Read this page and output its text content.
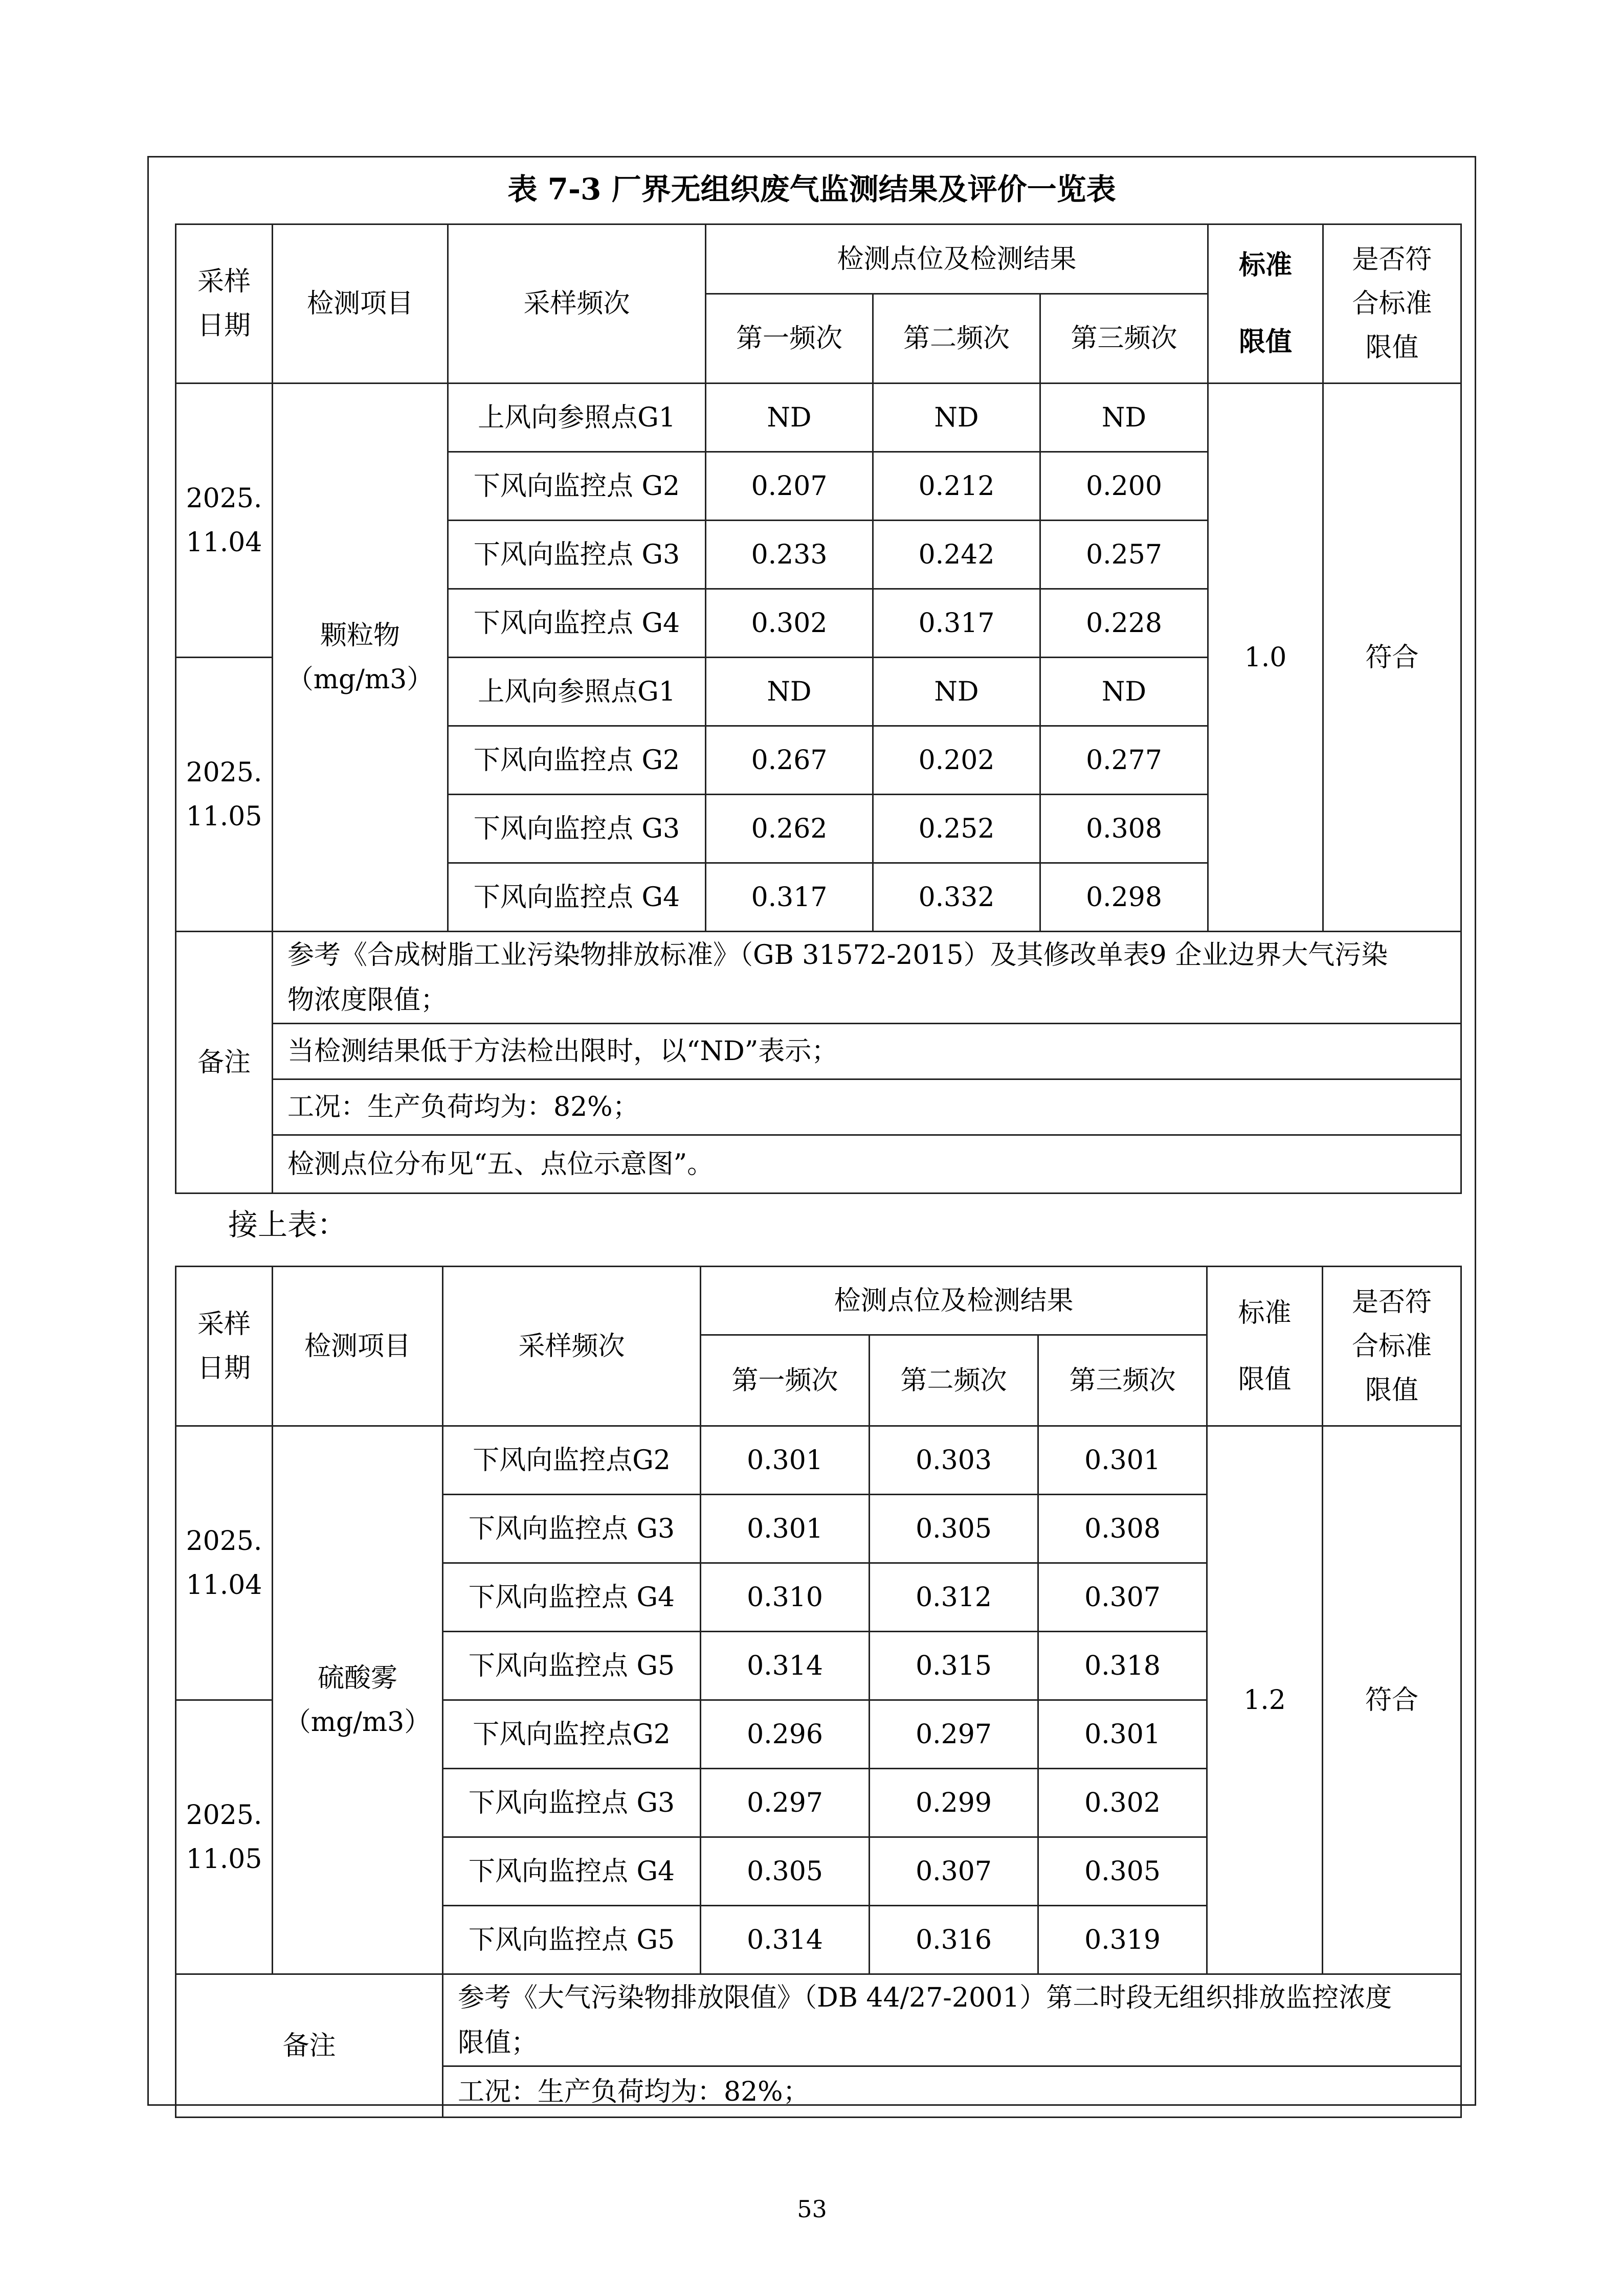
表 7-3 厂界无组织废气监测结果及评价一览表
采样
日期	检测项目	采样频次	检测点位及检测结果			标准
限值	是否符
合标准
限值

			第一频次	第二频次	第三频次		

2025.
11.04	颗粒物
（mg/m3）	上风向参照点G1	ND	ND	ND	1.0	符合
		下风向监控点 G2	0.207	0.212	0.200		
		下风向监控点 G3	0.233	0.242	0.257		
		下风向监控点 G4	0.302	0.317	0.228		

2025.
11.05		上风向参照点G1	ND	ND	ND		
		下风向监控点 G2	0.267	0.202	0.277		
		下风向监控点 G3	0.262	0.252	0.308		
		下风向监控点 G4	0.317	0.332	0.298		
备注	参考《合成树脂工业污染物排放标准》（GB 31572-2015）及其修改单表9 企业边界大气污染
物浓度限值；						

	当检测结果低于方法检出限时，以“ND”表示；						
	工况：生产负荷均为：82%；						
	检测点位分布见“五、点位示意图”。						
接上表：
采样
日期	检测项目	采样频次	检测点位及检测结果			标准
限值	是否符
合标准
限值

			第一频次	第二频次	第三频次		

2025.
11.04	硫酸雾
（mg/m3）	下风向监控点G2	0.301	0.303	0.301	1.2	符合
		下风向监控点 G3	0.301	0.305	0.308		
		下风向监控点 G4	0.310	0.312	0.307		
		下风向监控点 G5	0.314	0.315	0.318		

2025.
11.05		下风向监控点G2	0.296	0.297	0.301		
		下风向监控点 G3	0.297	0.299	0.302		
		下风向监控点 G4	0.305	0.307	0.305		
		下风向监控点 G5	0.314	0.316	0.319		
备注		参考《大气污染物排放限值》（DB 44/27-2001）第二时段无组织排放监控浓度
限值；					

		工况：生产负荷均为：82%；					
53
